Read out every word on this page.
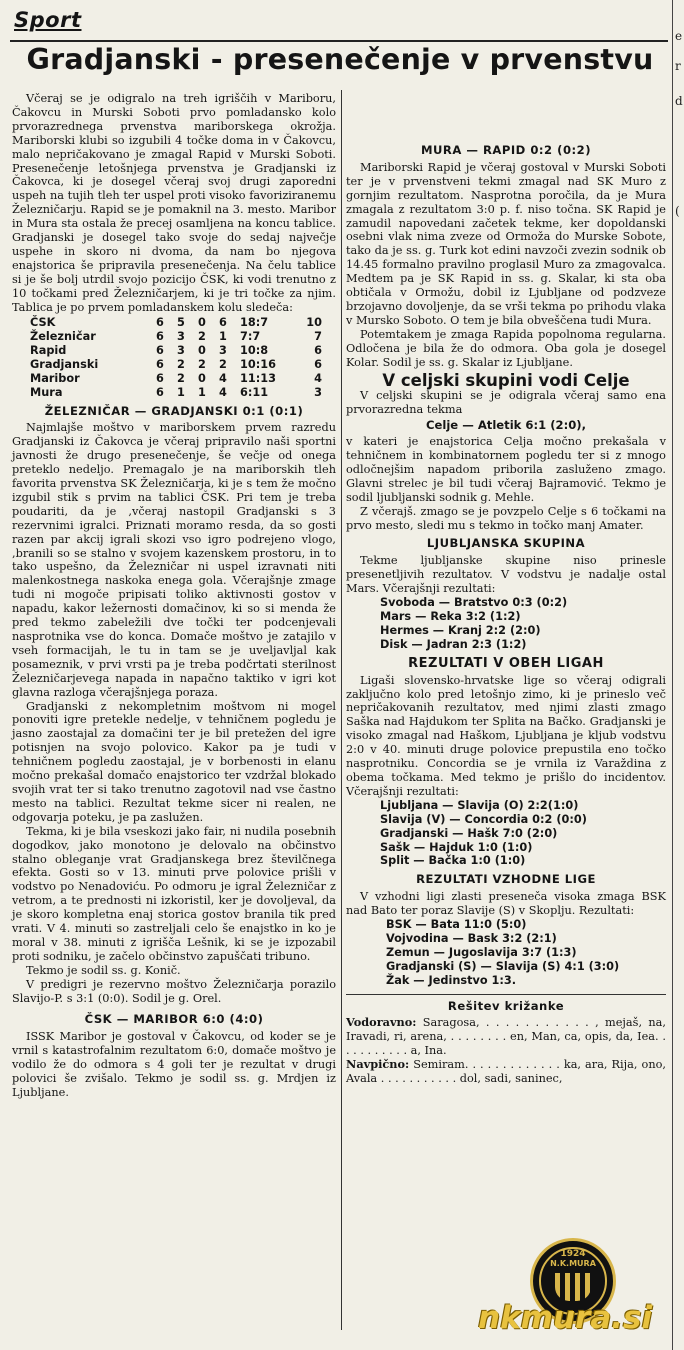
Sport
Gradjanski - presenečenje v prvenstvu
e
r
d
(

Včeraj se je odigralo na treh igriščih v Mariboru, Čakovcu in Murski Soboti prvo pomladansko kolo prvorazrednega prvenstva mariborskega okrožja. Mariborski klubi so izgubili 4 točke doma in v Čakovcu, malo nepričakovano je zmagal Rapid v Murski Soboti. Presenečenje letošnjega prvenstva je Gradjanski iz Čakovca, ki je dosegel včeraj svoj drugi zaporedni uspeh na tujih tleh ter uspel proti visoko favoriziranemu Železničarju. Rapid se je pomaknil na 3. mesto. Maribor in Mura sta ostala že precej osamljena na koncu tablice. Gradjanski je dosegel tako svoje do sedaj največje uspehe in skoro ni dvoma, da nam bo njegova enajstorica še pripravila presenečenja. Na čelu tablice si je še bolj utrdil svojo pozicijo ČSK, ki vodi trenutno z 10 točkami pred Železničarjem, ki je tri točke za njim. Tablica je po prvem pomladanskem kolu sledeča:

ČSK	6	5	0	6	18:7	10
Železničar	6	3	2	1	7:7	7
Rapid	6	3	0	3	10:8	6
Gradjanski	6	2	2	2	10:16	6
Maribor	6	2	0	4	11:13	4
Mura	6	1	1	4	6:11	3
ŽELEZNIČAR — GRADJANSKI 0:1 (0:1)

Najmlajše moštvo v mariborskem prvem razredu Gradjanski iz Čakovca je včeraj pripravilo naši sportni javnosti že drugo presenečenje, še večje od onega preteklo nedeljo. Premagalo je na mariborskih tleh favorita prvenstva SK Železničarja, ki je s tem že močno izgubil stik s prvim na tablici ČSK. Pri tem je treba poudariti, da je ,včeraj nastopil Gradjanski s 3 rezervnimi igralci. Priznati moramo resda, da so gosti razen par akcij igrali skozi vso igro podrejeno vlogo, ,branili so se stalno v svojem kazenskem prostoru, in to tako uspešno, da Železničar ni uspel izravnati niti malenkostnega naskoka enega gola. Včerajšnje zmage tudi ni mogoče pripisati toliko aktivnosti gostov v napadu, kakor ležernosti domačinov, ki so si menda že pred tekmo zabeležili dve točki ter podcenjevali nasprotnika vse do konca. Domače moštvo je zatajilo v vseh formacijah, le tu in tam se je uveljavljal kak posameznik, v prvi vrsti pa je treba podčrtati sterilnost Železničarjevega napada in napačno taktiko v igri kot glavna razloga včerajšnjega poraza.

Gradjanski z nekompletnim moštvom ni mogel ponoviti igre pretekle nedelje, v tehničnem pogledu je jasno zaostajal za domačini ter je bil pretežen del igre potisnjen na svojo polovico. Kakor pa je tudi v tehničnem pogledu zaostajal, je v borbenosti in elanu močno prekašal domačo enajstorico ter vzdržal blokado svojih vrat ter si tako trenutno zagotovil nad vse častno mesto na tablici. Rezultat tekme sicer ni realen, ne odgovarja poteku, je pa zaslužen.

Tekma, ki je bila vseskozi jako fair, ni nudila posebnih dogodkov, jako monotono je delovalo na občinstvo stalno obleganje vrat Gradjanskega brez številčnega efekta. Gosti so v 13. minuti prve polovice prišli v vodstvo po Nenadoviću. Po odmoru je igral Železničar z vetrom, a te prednosti ni izkoristil, ker je dovoljeval, da je skoro kompletna enaj storica gostov branila tik pred vrati. V 4. minuti so zastreljali celo še enajstko in ko je moral v 38. minuti z igrišča Lešnik, ki se je izpozabil proti sodniku, je začelo občinstvo zapuščati tribuno.

Tekmo je sodil ss. g. Konič.

V predigri je rezervno moštvo Železničarja porazilo Slavijo-P. s 3:1 (0:0). Sodil je g. Orel.

ČSK — MARIBOR 6:0 (4:0)

ISSK Maribor je gostoval v Čakovcu, od koder se je vrnil s katastrofalnim rezultatom 6:0, domače moštvo je vodilo že do odmora s 4 goli ter je rezultat v drugi polovici še zvišalo. Tekmo je sodil ss. g. Mrdjen iz Ljubljane.

MURA — RAPID 0:2 (0:2)

Mariborski Rapid je včeraj gostoval v Murski Soboti ter je v prvenstveni tekmi zmagal nad SK Muro z gornjim rezultatom. Nasprotna poročila, da je Mura zmagala z rezultatom 3:0 p. f. niso točna. SK Rapid je zamudil napovedani začetek tekme, ker dopoldanski osebni vlak nima zveze od Ormoža do Murske Sobote, tako da je ss. g. Turk kot edini navzoči zvezin sodnik ob 14.45 formalno pravilno proglasil Muro za zmagovalca. Medtem pa je SK Rapid in ss. g. Skalar, ki sta oba obtičala v Ormožu, dobil iz Ljubljane od podzveze brzojavno dovoljenje, da se vrši tekma po prihodu vlaka v Mursko Soboto. O tem je bila obveščena tudi Mura.

Potemtakem je zmaga Rapida popolnoma regularna. Odločena je bila že do odmora. Oba gola je dosegel Kolar. Sodil je ss. g. Skalar iz Ljubljane.

V celjski skupini vodi Celje

V celjski skupini se je odigrala včeraj samo ena prvorazredna tekma

Celje — Atletik 6:1 (2:0),

v kateri je enajstorica Celja močno prekašala v tehničnem in kombinatornem pogledu ter si z mnogo odločnejšim napadom priborila zasluženo zmago. Glavni strelec je bil tudi včeraj Bajramović. Tekmo je sodil ljubljanski sodnik g. Mehle.

Z včerajš. zmago se je povzpelo Celje s 6 točkami na prvo mesto, sledi mu s tekmo in točko manj Amater.

LJUBLJANSKA SKUPINA

Tekme ljubljanske skupine niso prinesle presenetljivih rezultatov. V vodstvu je nadalje ostal Mars. Včerajšnji rezultati:

Svoboda — Bratstvo 0:3 (0:2)
Mars — Reka 3:2 (1:2)
Hermes — Kranj 2:2 (2:0)
Disk — Jadran 2:3 (1:2)
REZULTATI V OBEH LIGAH

Ligaši slovensko-hrvatske lige so včeraj odigrali zaključno kolo pred letošnjo zimo, ki je prineslo več nepričakovanih rezultatov, med njimi zlasti zmago Saška nad Hajdukom ter Splita na Bačko. Gradjanski je visoko zmagal nad Haškom, Ljubljana je kljub vodstvu 2:0 v 40. minuti druge polovice prepustila eno točko nasprotniku. Concordia se je vrnila iz Varaždina z obema točkama. Med tekmo je prišlo do incidentov. Včerajšnji rezultati:

Ljubljana — Slavija (O) 2:2(1:0)
Slavija (V) — Concordia 0:2 (0:0)
Gradjanski — Hašk 7:0 (2:0)
Sašk — Hajduk 1:0 (1:0)
Split — Bačka 1:0 (1:0)
REZULTATI VZHODNE LIGE

V vzhodni ligi zlasti presenečа visoka zmaga BSK nad Bato ter poraz Slavije (S) v Skoplju. Rezultati:

BSK — Bata 11:0 (5:0)
Vojvodina — Bask 3:2 (2:1)
Zemun — Jugoslavija 3:7 (1:3)
Gradjanski (S) — Slavija (S) 4:1 (3:0)
Žak — Jedinstvo 1:3.
Rešitev križanke

Vodoravno: Saragosa, . . . . . . . . . . . , mejaš, na, Iravadi, ri, arena, . . . . . . . . en, Man, ca, opis, da, Iea. . . . . . . . . . . a, Ina.

Navpično: Semiram. . . . . . . . . . . . . ka, ara, Rija, ono, Avala . . . . . . . . . . . dol, sadi, saninec,

1924
N.K.MURA
nkmura.si
